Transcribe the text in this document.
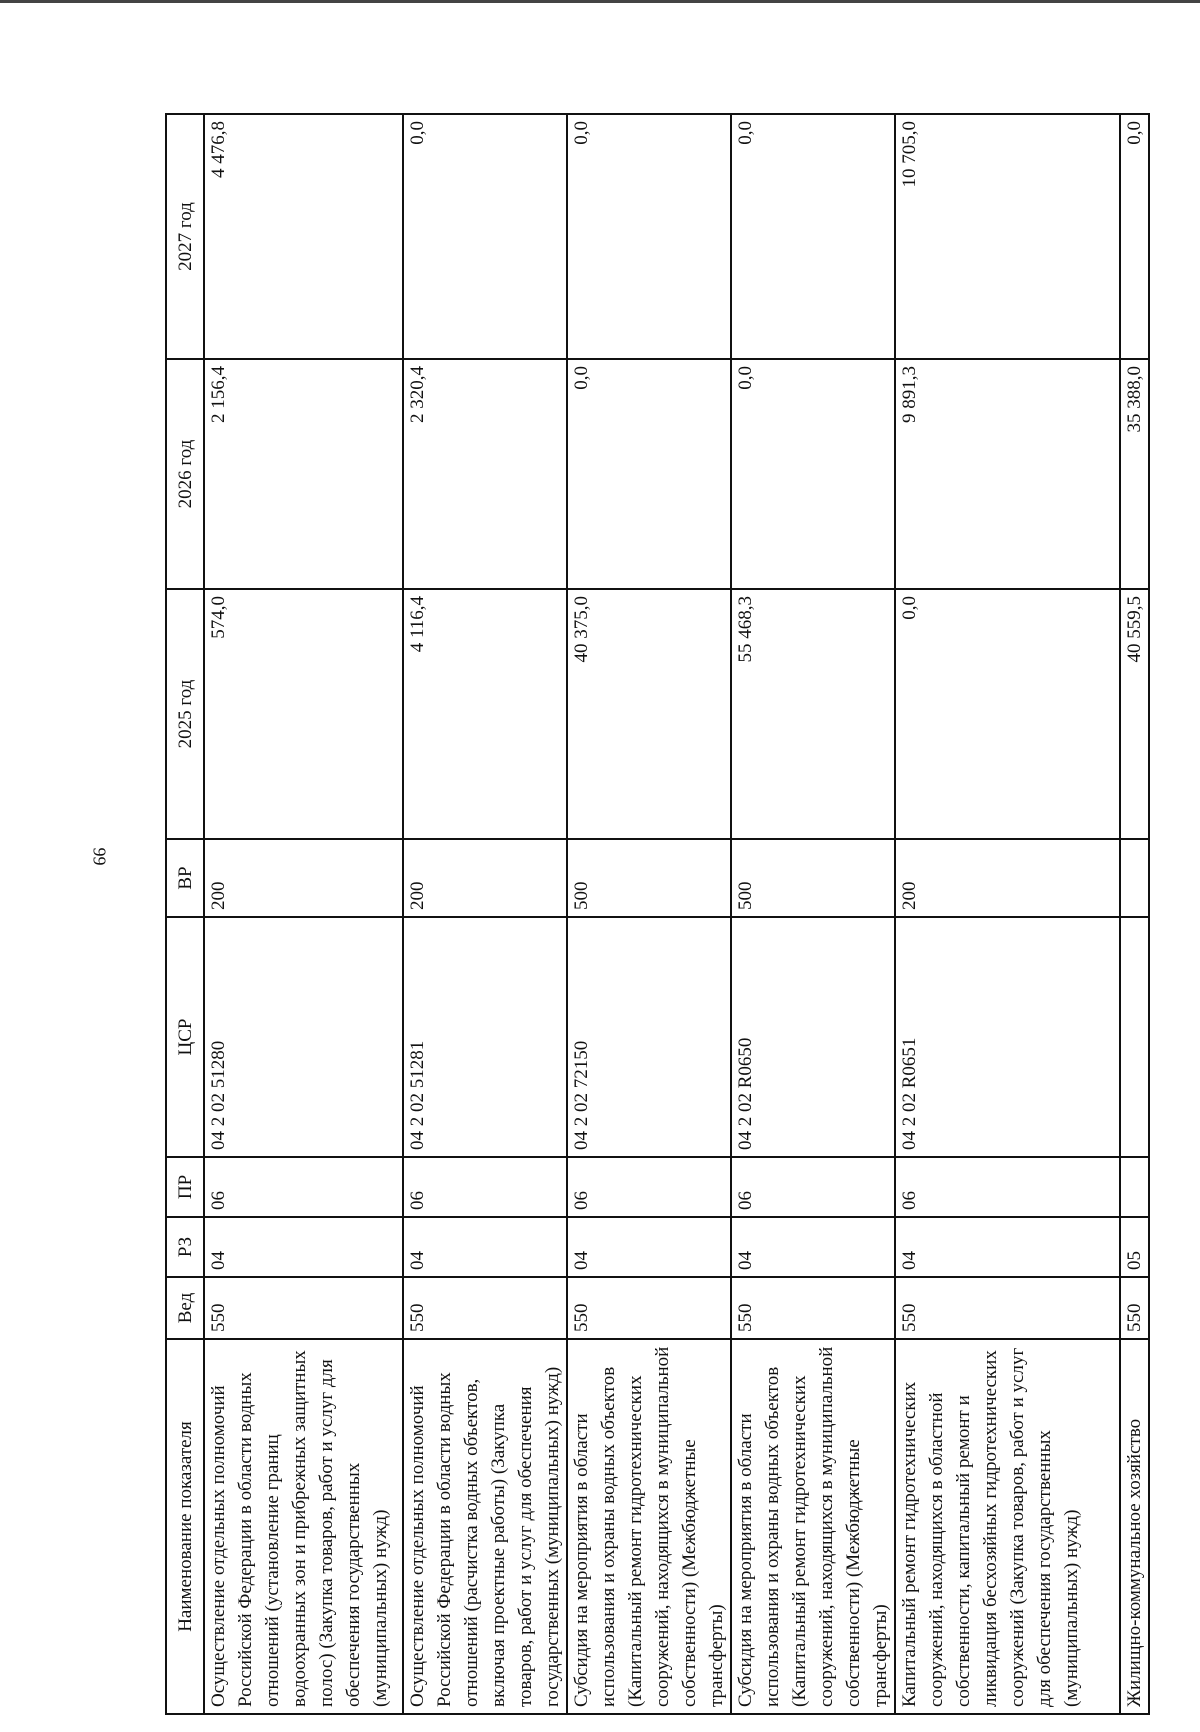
99
Наименование показателя	Вед	РЗ	ПР	ЦСР	ВР	2025 год	2026 год	2027 год
Осуществление отдельных полномочий Российской Федерации в области водных отношений (установление границ водоохранных зон и прибрежных защитных полос) (Закупка товаров, работ и услуг для обеспечения государственных (муниципальных) нужд)	550	04	06	04 2 02 51280	200	574,0	2 156,4	4 476,8
Осуществление отдельных полномочий Российской Федерации в области водных отношений (расчистка водных объектов, включая проектные работы) (Закупка товаров, работ и услуг для обеспечения государственных (муниципальных) нужд)	550	04	06	04 2 02 51281	200	4 116,4	2 320,4	0,0
Субсидия на мероприятия в области использования и охраны водных объектов (Капитальный ремонт гидротехнических сооружений, находящихся в муниципальной собственности) (Межбюджетные трансферты)	550	04	06	04 2 02 72150	500	40 375,0	0,0	0,0
Субсидия на мероприятия в области использования и охраны водных объектов (Капитальный ремонт гидротехнических сооружений, находящихся в муниципальной собственности) (Межбюджетные трансферты)	550	04	06	04 2 02 R0650	500	55 468,3	0,0	0,0
Капитальный ремонт гидротехнических сооружений, находящихся в областной собственности, капитальный ремонт и ликвидация бесхозяйных гидротехнических сооружений (Закупка товаров, работ и услуг для обеспечения государственных (муниципальных) нужд)	550	04	06	04 2 02 R0651	200	0,0	9 891,3	10 705,0
Жилищно-коммунальное хозяйство	550	05				40 559,5	35 388,0	0,0
